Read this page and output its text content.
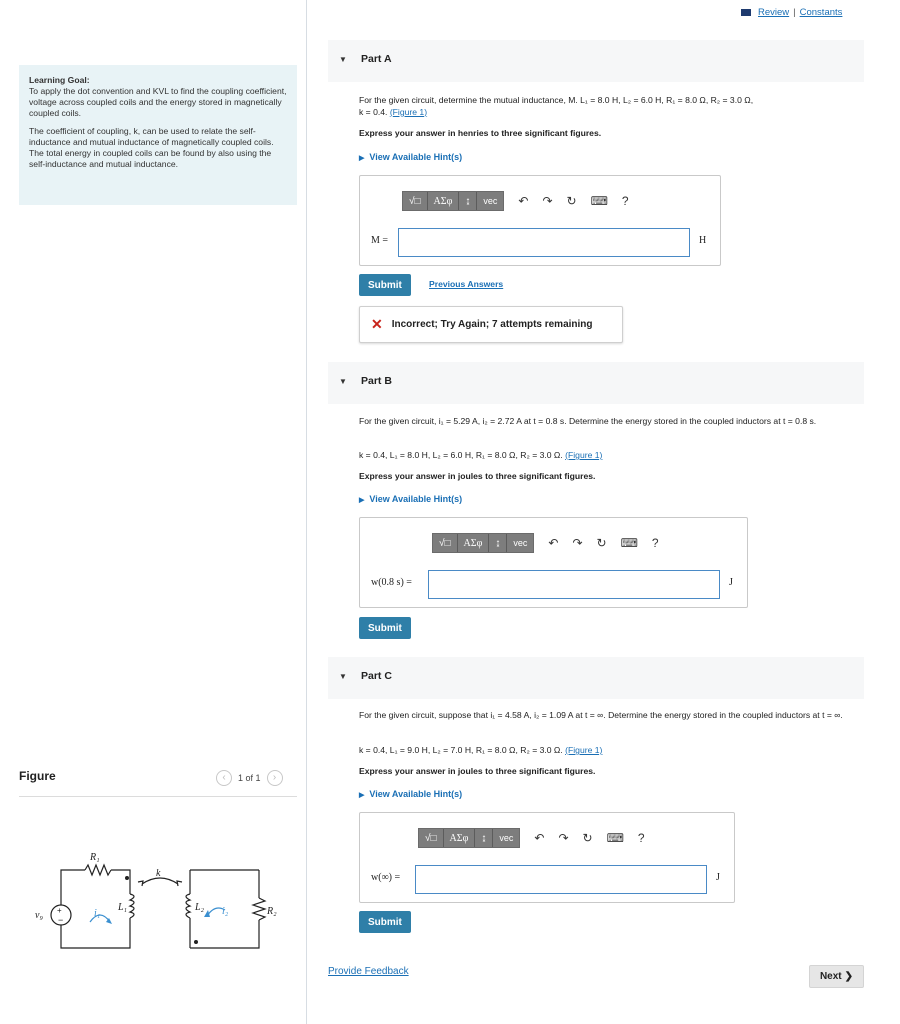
Review | Constants
Learning Goal:

To apply the dot convention and KVL to find the coupling coefficient, voltage across coupled coils and the energy stored in magnetically coupled coils.

The coefficient of coupling, k, can be used to relate the self-inductance and mutual inductance of magnetically coupled coils. The total energy in coupled coils can be found by also using the self-inductance and mutual inductance.

Figure	‹	1 of 1	›
R₁
R₂
L₁	L₂
i₁	i₂
k
v₉ +
−
▼ Part A
For the given circuit, determine the mutual inductance, M. L₁ = 8.0 H, L₂ = 6.0 H, R₁ = 8.0 Ω, R₂ = 3.0 Ω,
k = 0.4. (Figure 1)
Express your answer in henries to three significant figures.
▶ View Available Hint(s)
√□	ΑΣφ	↨	vec	↶ ↷ ↻ ⌨ ?
M =	H
Submit	Previous Answers
✕ Incorrect; Try Again; 7 attempts remaining
▼ Part B
For the given circuit, i₁ = 5.29 A, i₂ = 2.72 A at t = 0.8 s. Determine the energy stored in the coupled inductors at t = 0.8 s.
k = 0.4, L₁ = 8.0 H, L₂ = 6.0 H, R₁ = 8.0 Ω, R₂ = 3.0 Ω. (Figure 1)
Express your answer in joules to three significant figures.
▶ View Available Hint(s)
√□	ΑΣφ	↨	vec	↶ ↷ ↻ ⌨ ?
w(0.8 s) =	J
Submit
▼ Part C
For the given circuit, suppose that i₁ = 4.58 A, i₂ = 1.09 A at t = ∞. Determine the energy stored in the coupled inductors at t = ∞.
k = 0.4, L₁ = 9.0 H, L₂ = 7.0 H, R₁ = 8.0 Ω, R₂ = 3.0 Ω. (Figure 1)
Express your answer in joules to three significant figures.
▶ View Available Hint(s)
√□	ΑΣφ	↨	vec	↶ ↷ ↻ ⌨ ?
w(∞) =	J
Submit
Provide Feedback	Next ❯
